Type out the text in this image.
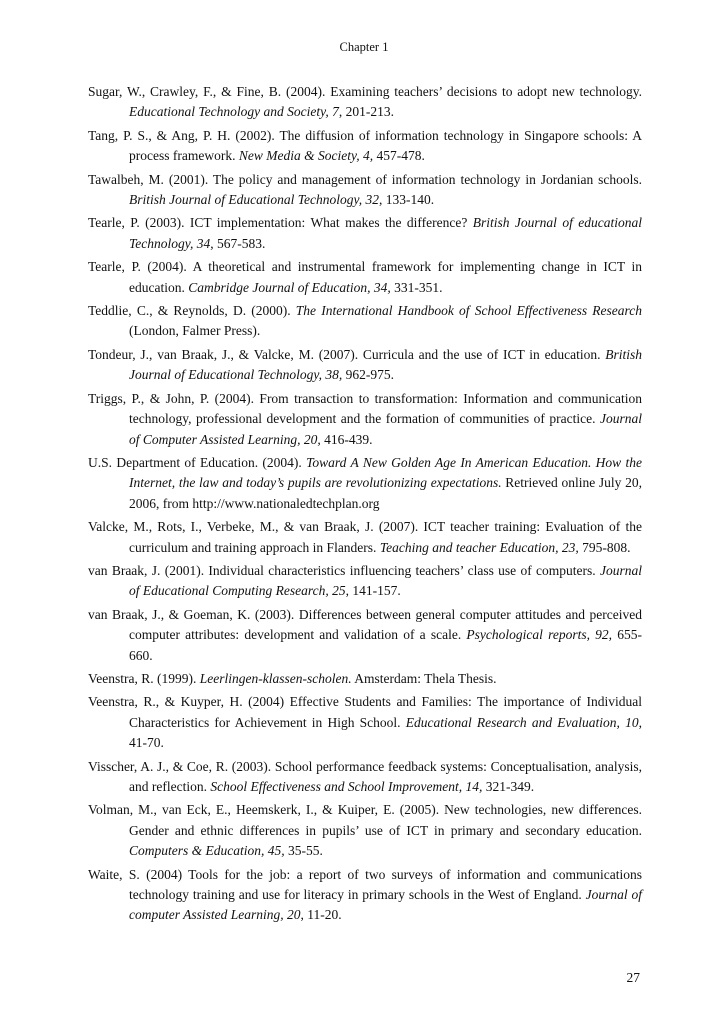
Chapter 1

Sugar, W., Crawley, F., & Fine, B. (2004). Examining teachers’ decisions to adopt new technology. Educational Technology and Society, 7, 201-213.

Tang, P. S., & Ang, P. H. (2002). The diffusion of information technology in Singapore schools: A process framework. New Media & Society, 4, 457-478.

Tawalbeh, M. (2001). The policy and management of information technology in Jordanian schools. British Journal of Educational Technology, 32, 133-140.

Tearle, P. (2003). ICT implementation: What makes the difference? British Journal of educational Technology, 34, 567-583.

Tearle, P. (2004). A theoretical and instrumental framework for implementing change in ICT in education. Cambridge Journal of Education, 34, 331-351.

Teddlie, C., & Reynolds, D. (2000). The International Handbook of School Effectiveness Research (London, Falmer Press).

Tondeur, J., van Braak, J., & Valcke, M. (2007). Curricula and the use of ICT in education. British Journal of Educational Technology, 38, 962-975.

Triggs, P., & John, P. (2004). From transaction to transformation: Information and communication technology, professional development and the formation of communities of practice. Journal of Computer Assisted Learning, 20, 416-439.

U.S. Department of Education. (2004). Toward A New Golden Age In American Education. How the Internet, the law and today’s pupils are revolutionizing expectations. Retrieved online July 20, 2006, from http://www.nationaledtechplan.org

Valcke, M., Rots, I., Verbeke, M., & van Braak, J. (2007). ICT teacher training: Evaluation of the curriculum and training approach in Flanders. Teaching and teacher Education, 23, 795-808.

van Braak, J. (2001). Individual characteristics influencing teachers’ class use of computers. Journal of Educational Computing Research, 25, 141-157.

van Braak, J., & Goeman, K. (2003). Differences between general computer attitudes and perceived computer attributes: development and validation of a scale. Psychological reports, 92, 655-660.

Veenstra, R. (1999). Leerlingen-klassen-scholen. Amsterdam: Thela Thesis.

Veenstra, R., & Kuyper, H. (2004) Effective Students and Families: The importance of Individual Characteristics for Achievement in High School. Educational Research and Evaluation, 10, 41-70.

Visscher, A. J., & Coe, R. (2003). School performance feedback systems: Conceptualisation, analysis, and reflection. School Effectiveness and School Improvement, 14, 321-349.

Volman, M., van Eck, E., Heemskerk, I., & Kuiper, E. (2005). New technologies, new differences. Gender and ethnic differences in pupils’ use of ICT in primary and secondary education. Computers & Education, 45, 35-55.

Waite, S. (2004) Tools for the job: a report of two surveys of information and communications technology training and use for literacy in primary schools in the West of England. Journal of computer Assisted Learning, 20, 11-20.

27
